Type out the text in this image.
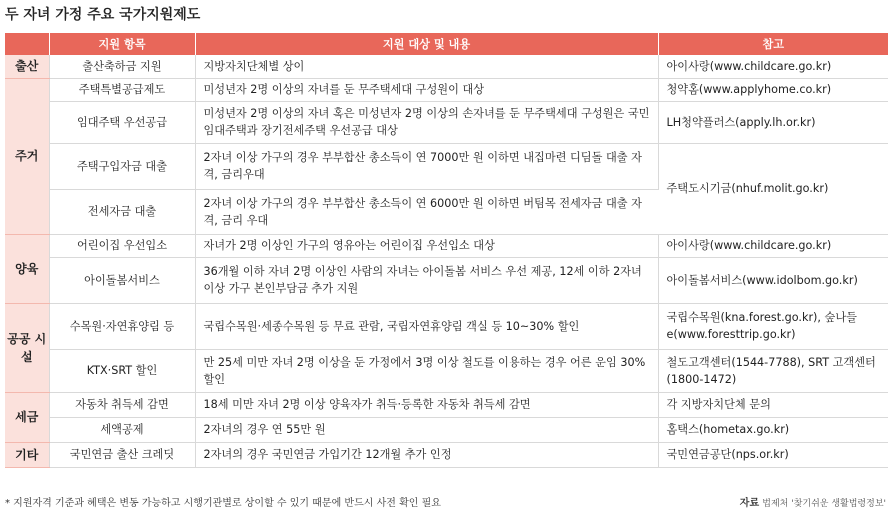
두 자녀 가정 주요 국가지원제도
	지원 항목	지원 대상 및 내용	참고
출산	출산축하금 지원	지방자치단체별 상이	아이사랑(www.childcare.go.kr)
주거	주택특별공급제도	미성년자 2명 이상의 자녀를 둔 무주택세대 구성원이 대상	청약홈(www.applyhome.co.kr)
	임대주택 우선공급	미성년자 2명 이상의 자녀 혹은 미성년자 2명 이상의 손자녀를 둔 무주택세대 구성원은 국민임대주택과 장기전세주택 우선공급 대상	LH청약플러스(apply.lh.or.kr)
	주택구입자금 대출	2자녀 이상 가구의 경우 부부합산 총소득이 연 7000만 원 이하면 내집마련 디딤돌 대출 자격, 금리우대	주택도시기금(nhuf.molit.go.kr)
	전세자금 대출	2자녀 이상 가구의 경우 부부합산 총소득이 연 6000만 원 이하면 버팀목 전세자금 대출 자격, 금리 우대	
양육	어린이집 우선입소	자녀가 2명 이상인 가구의 영유아는 어린이집 우선입소 대상	아이사랑(www.childcare.go.kr)
	아이돌봄서비스	36개월 이하 자녀 2명 이상인 사람의 자녀는 아이돌봄 서비스 우선 제공, 12세 이하 2자녀 이상 가구 본인부담금 추가 지원	아이돌봄서비스(www.idolbom.go.kr)
공공 시설	수목원·자연휴양림 등	국립수목원·세종수목원 등 무료 관람, 국립자연휴양림 객실 등 10~30% 할인	국립수목원(kna.forest.go.kr), 숲나들e(www.foresttrip.go.kr)
	KTX·SRT 할인	만 25세 미만 자녀 2명 이상을 둔 가정에서 3명 이상 철도를 이용하는 경우 어른 운임 30% 할인	철도고객센터(1544-7788), SRT 고객센터(1800-1472)
세금	자동차 취득세 감면	18세 미만 자녀 2명 이상 양육자가 취득·등록한 자동차 취득세 감면	각 지방자치단체 문의
	세액공제	2자녀의 경우 연 55만 원	홈택스(hometax.go.kr)
기타	국민연금 출산 크레딧	2자녀의 경우 국민연금 가입기간 12개월 추가 인정	국민연금공단(nps.or.kr)
* 지원자격 기준과 혜택은 변동 가능하고 시행기관별로 상이할 수 있기 때문에 반드시 사전 확인 필요	자료 법제처 '찾기쉬운 생활법령정보'
